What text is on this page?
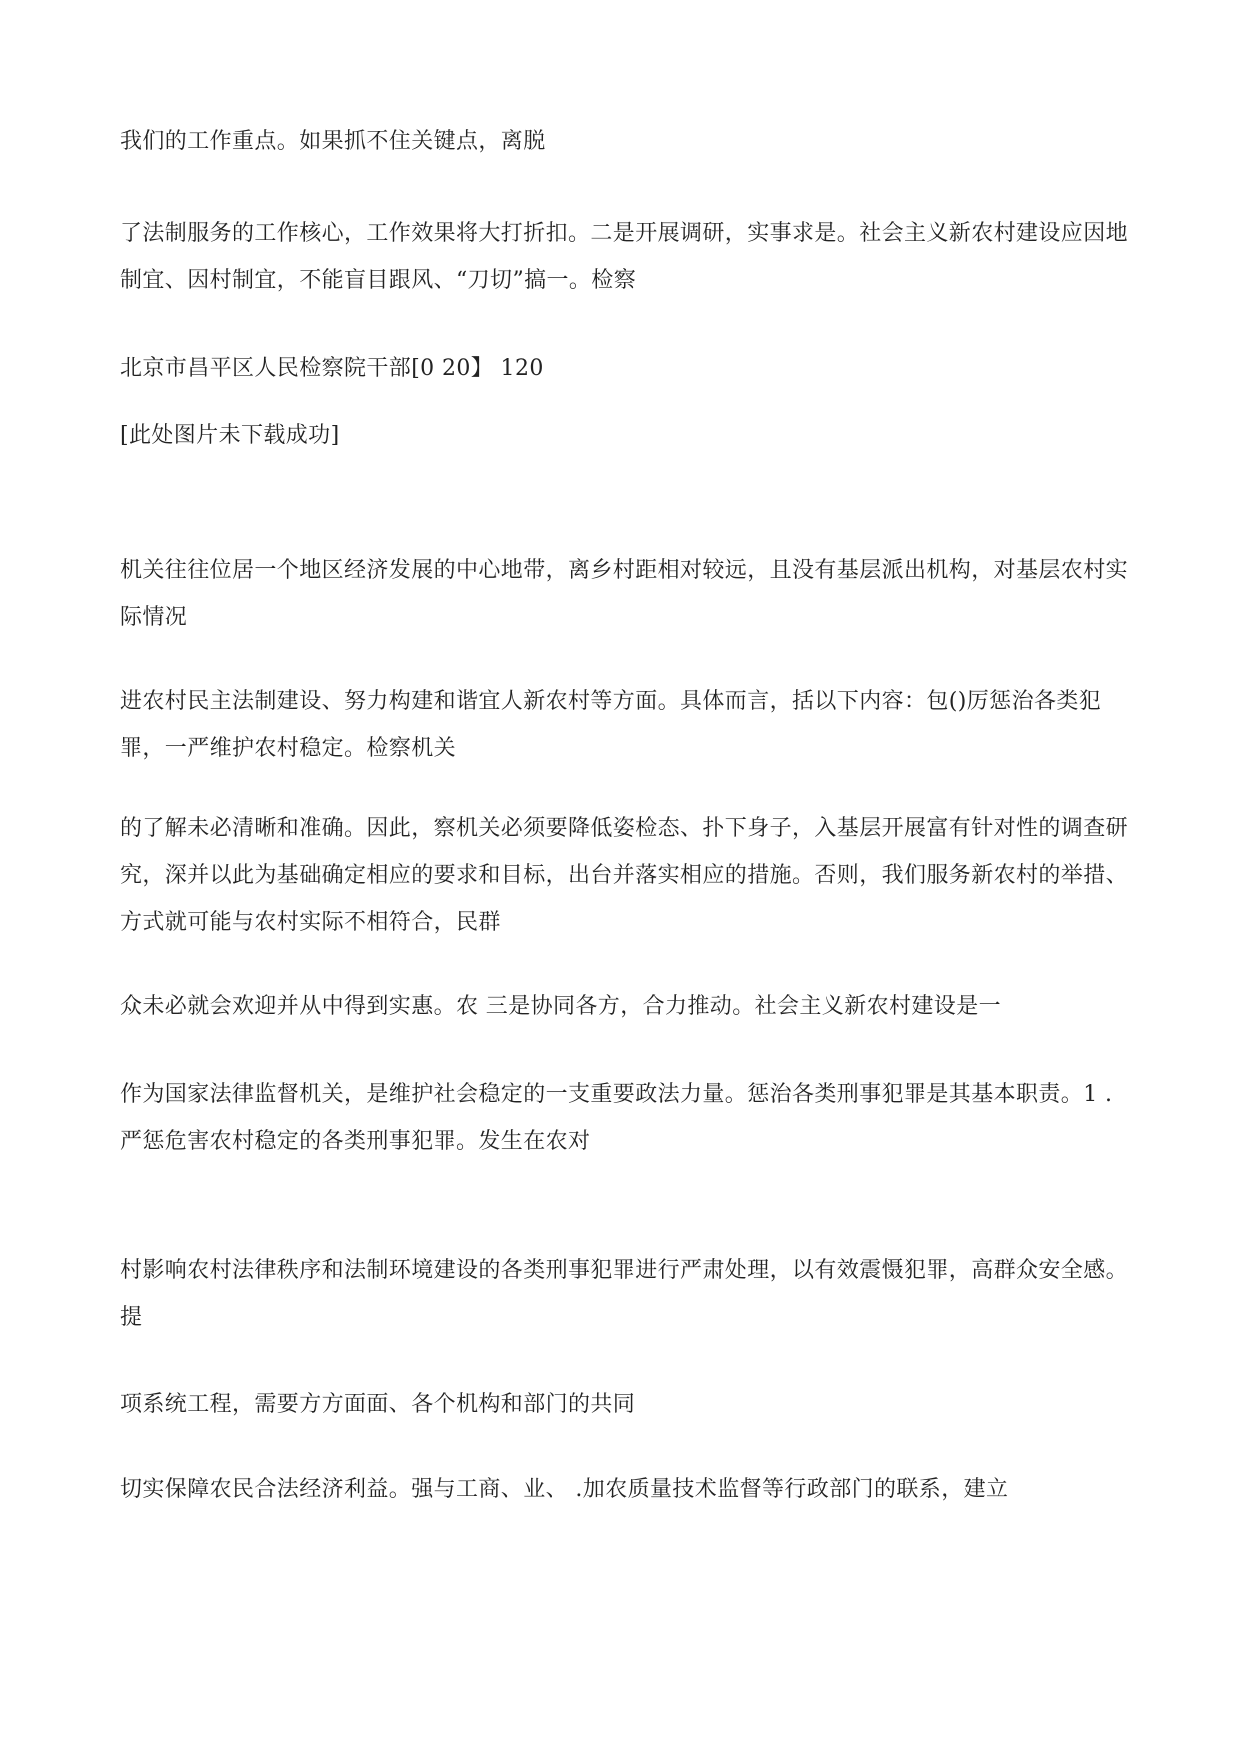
我们的工作重点。如果抓不住关键点，离脱

了法制服务的工作核心，工作效果将大打折扣。二是开展调研，实事求是。社会主义新农村建设应因地制宜、因村制宜，不能盲目跟风、“刀切”搞一。检察

北京市昌平区人民检察院干部[0 20】 120

[此处图片未下载成功]

机关往往位居一个地区经济发展的中心地带，离乡村距相对较远，且没有基层派出机构，对基层农村实际情况

进农村民主法制建设、努力构建和谐宜人新农村等方面。具体而言，括以下内容：包()厉惩治各类犯罪，一严维护农村稳定。检察机关

的了解未必清晰和准确。因此，察机关必须要降低姿检态、扑下身子，入基层开展富有针对性的调查研究，深并以此为基础确定相应的要求和目标，出台并落实相应的措施。否则，我们服务新农村的举措、方式就可能与农村实际不相符合，民群

众未必就会欢迎并从中得到实惠。农 三是协同各方，合力推动。社会主义新农村建设是一

作为国家法律监督机关，是维护社会稳定的一支重要政法力量。惩治各类刑事犯罪是其基本职责。1 .严惩危害农村稳定的各类刑事犯罪。发生在农对

村影响农村法律秩序和法制环境建设的各类刑事犯罪进行严肃处理，以有效震慑犯罪，高群众安全感。提

项系统工程，需要方方面面、各个机构和部门的共同

切实保障农民合法经济利益。强与工商、业、 .加农质量技术监督等行政部门的联系，建立
